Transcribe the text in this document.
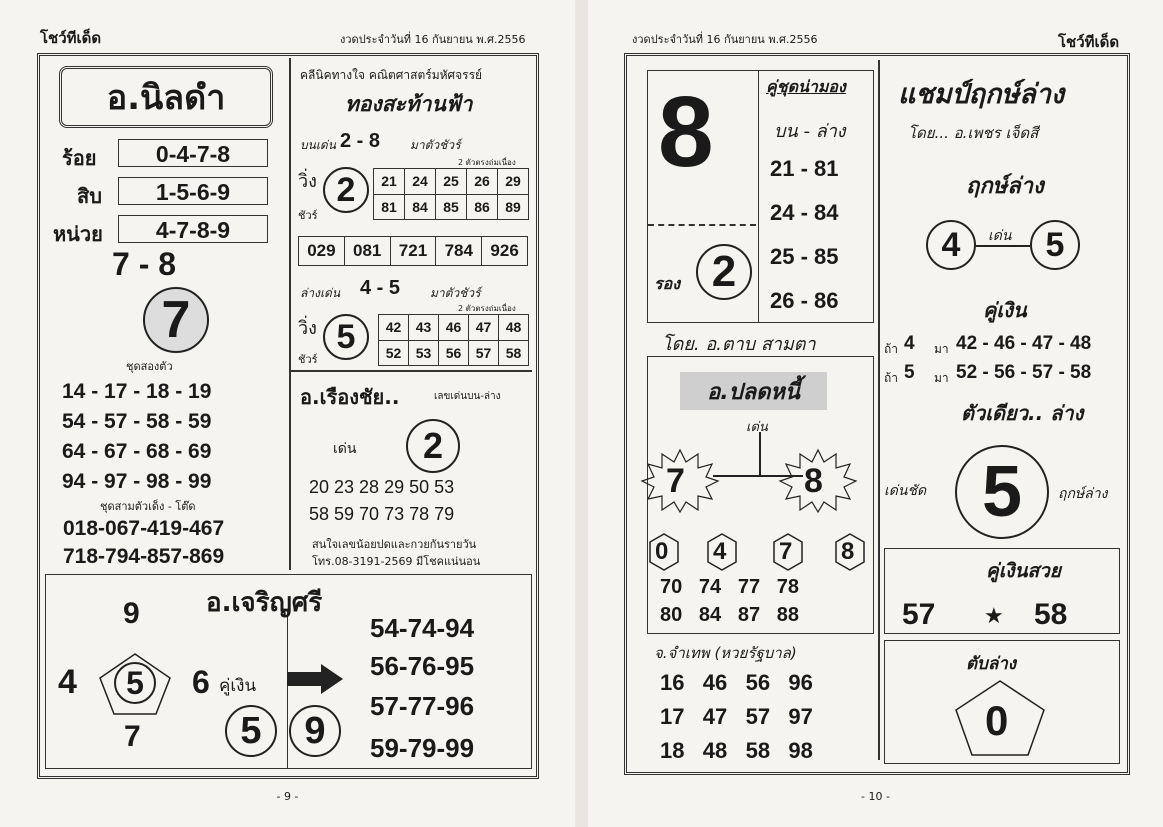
โชว์ทีเด็ด	งวดประจำวันที่ 16 กันยายน พ.ศ.2556
อ.นิลดำ
ร้อย	0-4-7-8
สิบ	1-5-6-9
หน่วย	4-7-8-9
7 - 8
7
ชุดสองตัว
14 - 17 - 18 - 19
54 - 57 - 58 - 59
64 - 67 - 68 - 69
94 - 97 - 98 - 99
ชุดสามตัวเด็ง - โต๊ด
018-067-419-467
718-794-857-869
คลีนิคทางใจ คณิตศาสตร์มหัศจรรย์
ทองสะท้านฟ้า
บนเด่น 2 - 8 มาตัวชัวร์
2 ตัวตรงถ่มเนื่อง
วิ่ง
ชัวร์
2	21	24	25	26	29
81	84	85	86	89
029	081	721	784	926
ล่างเด่น 4 - 5 มาตัวชัวร์
2 ตัวตรงถ่มเนื่อง
วิ่ง
ชัวร์
5	42	43	46	47	48
52	53	56	57	58
อ.เรืองชัย..	เลขเด่นบน-ล่าง
เด่น	2
20 23 28 29 50 53
58 59 70 73 78 79
สนใจเลขน้อยปดและกวยกันรายวัน
โทร.08-3191-2569 มีโชคแน่นอน
อ.เจริญศรี
9
4	5	6 คู่เงิน
7	5	9
54-74-94
56-76-95
57-77-96
59-79-99
- 9 -
งวดประจำวันที่ 16 กันยายน พ.ศ.2556	โชว์ทีเด็ด
8
รอง 2
คู่ชุดน่ามอง
บน - ล่าง
21 - 81
24 - 84
25 - 85
26 - 86
โดย. อ.ตาบ สามตา
แชมป์ฤกษ์ล่าง
โดย... อ.เพชร เจ็ดสี
ฤกษ์ล่าง
4	เด่น	5
คู่เงิน
ถ้า 4 มา 42 - 46 - 47 - 48
ถ้า 5 มา 52 - 56 - 57 - 58
ตัวเดียว.. ล่าง
เด่นชัด 5	ฤกษ์ล่าง
อ.ปลดหนี้
เด่น
7	8
0 4 7 8
70   74   77   78
80   84   87   88
จ.จำเทพ (หวยรัฐบาล)
16   46   56   96
17   47   57   97
18   48   58   98
คู่เงินสวย
57 ★ 58
ตับล่าง
0
- 10 -
